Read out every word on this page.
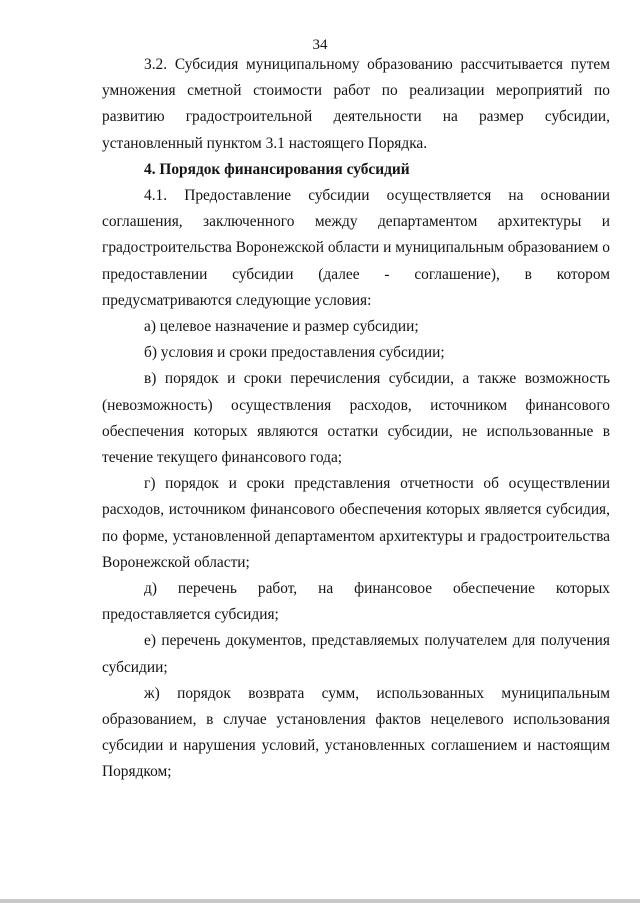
34
3.2. Субсидия муниципальному образованию рассчитывается путем
умножения сметной стоимости работ по реализации мероприятий по
развитию градостроительной деятельности на размер субсидии,
установленный пунктом 3.1 настоящего Порядка.
4. Порядок финансирования субсидий
4.1. Предоставление субсидии осуществляется на основании
соглашения, заключенного между департаментом архитектуры и
градостроительства Воронежской области и муниципальным образованием о
предоставлении субсидии (далее - соглашение), в котором
предусматриваются следующие условия:
а) целевое назначение и размер субсидии;
б) условия и сроки предоставления субсидии;
в) порядок и сроки перечисления субсидии, а также возможность
(невозможность) осуществления расходов, источником финансового
обеспечения которых являются остатки субсидии, не использованные в
течение текущего финансового года;
г) порядок и сроки представления отчетности об осуществлении
расходов, источником финансового обеспечения которых является субсидия,
по форме, установленной департаментом архитектуры и градостроительства
Воронежской области;
д) перечень работ, на финансовое обеспечение которых
предоставляется субсидия;
е) перечень документов, представляемых получателем для получения
субсидии;
ж) порядок возврата сумм, использованных муниципальным
образованием, в случае установления фактов нецелевого использования
субсидии и нарушения условий, установленных соглашением и настоящим
Порядком;
